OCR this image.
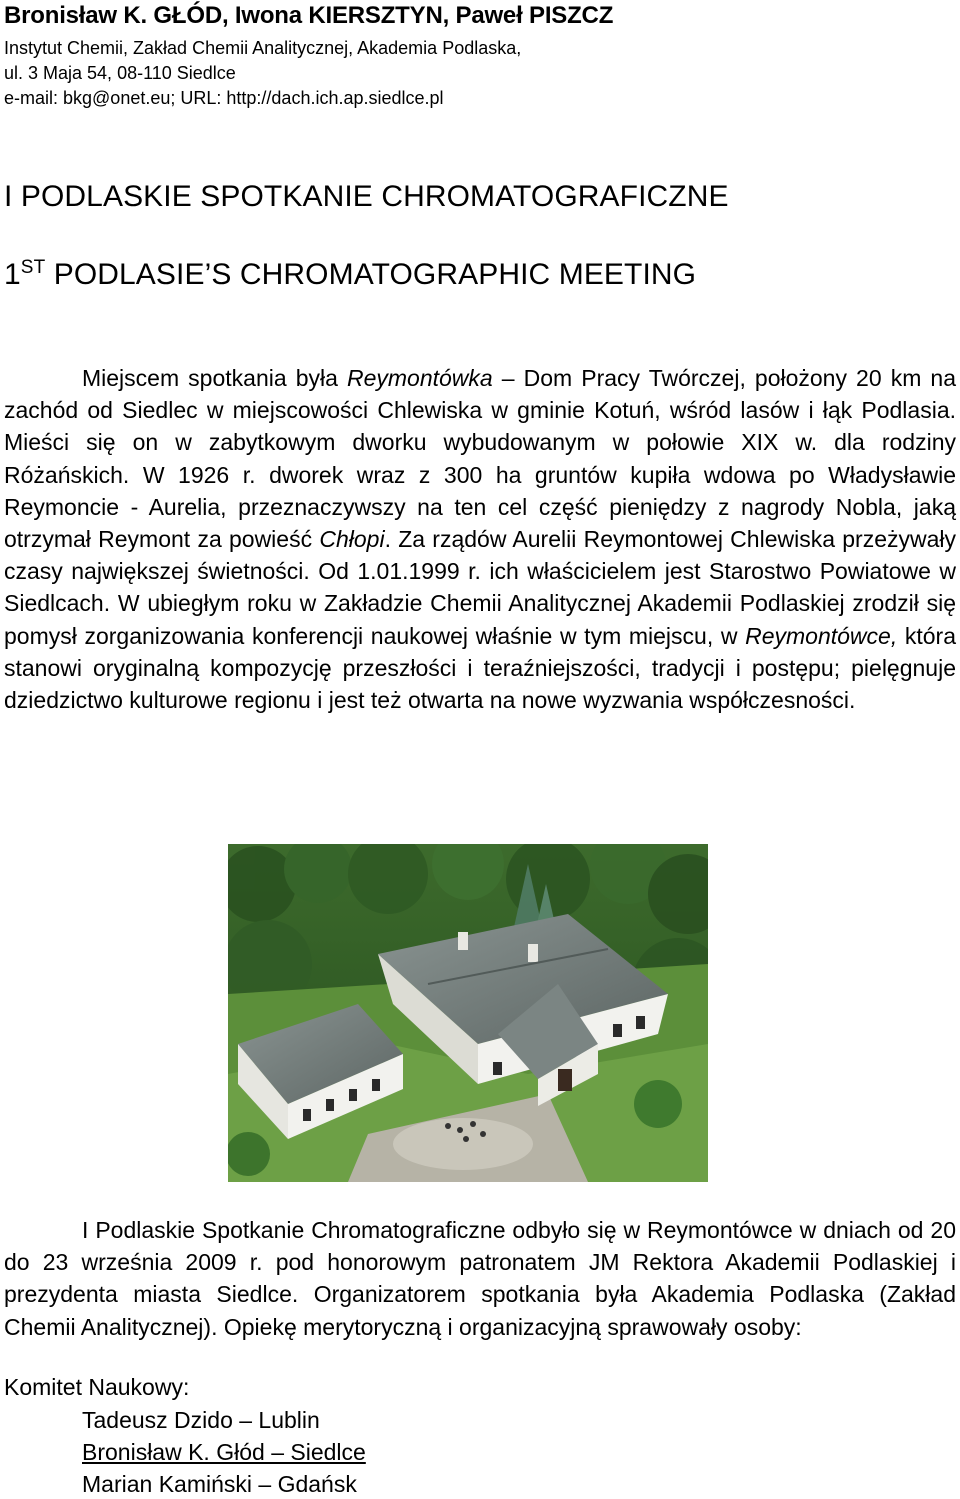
Bronisław K. GŁÓD, Iwona KIERSZTYN, Paweł PISZCZ
Instytut Chemii, Zakład Chemii Analitycznej, Akademia Podlaska,
ul. 3 Maja 54, 08-110 Siedlce
e-mail: bkg@onet.eu; URL: http://dach.ich.ap.siedlce.pl
I PODLASKIE SPOTKANIE CHROMATOGRAFICZNE
1ST PODLASIE’S CHROMATOGRAPHIC MEETING
Miejscem spotkania była Reymontówka – Dom Pracy Twórczej, położony 20 km na zachód od Siedlec w miejscowości Chlewiska w gminie Kotuń, wśród lasów i łąk Podlasia. Mieści się on w zabytkowym dworku wybudowanym w połowie XIX w. dla rodziny Różańskich. W 1926 r. dworek wraz z 300 ha gruntów kupiła wdowa po Władysławie Reymoncie - Aurelia, przeznaczywszy na ten cel część pieniędzy z nagrody Nobla, jaką otrzymał Reymont za powieść Chłopi. Za rządów Aurelii Reymontowej Chlewiska przeżywały czasy największej świetności. Od 1.01.1999 r. ich właścicielem jest Starostwo Powiatowe w Siedlcach. W ubiegłym roku w Zakładzie Chemii Analitycznej Akademii Podlaskiej zrodził się pomysł zorganizowania konferencji naukowej właśnie w tym miejscu, w Reymontówce, która stanowi oryginalną kompozycję przeszłości i teraźniejszości, tradycji i postępu; pielęgnuje dziedzictwo kulturowe regionu i jest też otwarta na nowe wyzwania współczesności.
I Podlaskie Spotkanie Chromatograficzne odbyło się w Reymontówce w dniach od 20 do 23 września 2009 r. pod honorowym patronatem JM Rektora Akademii Podlaskiej i prezydenta miasta Siedlce. Organizatorem spotkania była Akademia Podlaska (Zakład Chemii Analitycznej). Opiekę merytoryczną i organizacyjną sprawowały osoby:
Komitet Naukowy:
Tadeusz Dzido – Lublin
Bronisław K. Głód – Siedlce
Marian Kamiński – Gdańsk
